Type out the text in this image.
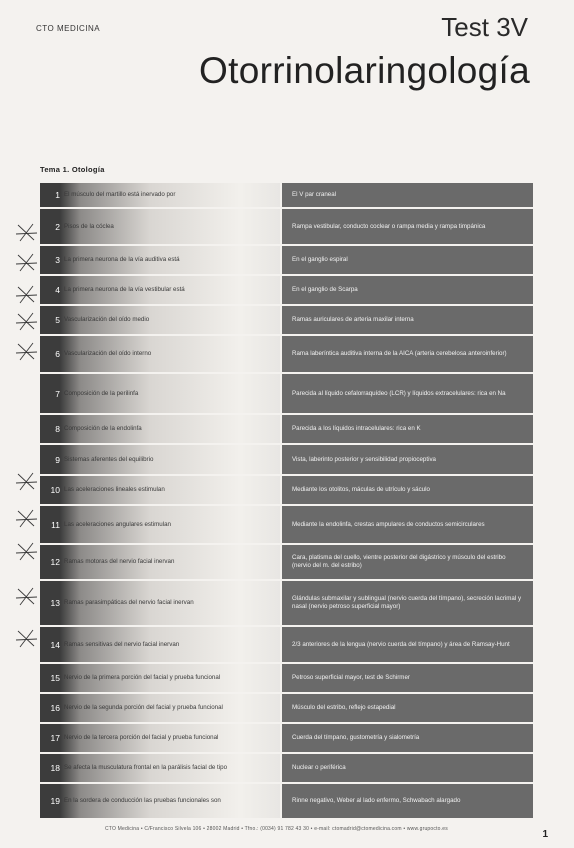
CTO MEDICINA	Test 3V
Otorrinolaringología
Tema 1. Otología
1 El músculo del martillo está inervado por	El V par craneal
2 Pisos de la cóclea	Rampa vestibular, conducto coclear o rampa media y rampa timpánica
3 La primera neurona de la vía auditiva está	En el ganglio espiral
4 La primera neurona de la vía vestibular está	En el ganglio de Scarpa
5 Vascularización del oído medio	Ramas auriculares de arteria maxilar interna
6 Vascularización del oído interno	Rama laberíntica auditiva interna de la AICA (arteria cerebelosa anteroinferior)
7 Composición de la perilinfa	Parecida al líquido cefalorraquídeo (LCR) y líquidos extracelulares: rica en Na
8 Composición de la endolinfa	Parecida a los líquidos intracelulares: rica en K
9 Sistemas aferentes del equilibrio	Vista, laberinto posterior y sensibilidad propioceptiva
10 Las aceleraciones lineales estimulan	Mediante los otolitos, máculas de utrículo y sáculo
11 Las aceleraciones angulares estimulan	Mediante la endolinfa, crestas ampulares de conductos semicirculares
12 Ramas motoras del nervio facial inervan
Cara, platisma del cuello, vientre posterior del digástrico y músculo del estribo (nervio del m. del estribo)
13 Ramas parasimpáticas del nervio facial inervan
Glándulas submaxilar y sublingual (nervio cuerda del tímpano), secreción lacrimal y nasal (nervio petroso superficial mayor)
14 Ramas sensitivas del nervio facial inervan	2/3 anteriores de la lengua (nervio cuerda del tímpano) y área de Ramsay-Hunt
15 Nervio de la primera porción del facial y prueba funcional	Petroso superficial mayor, test de Schirmer
16 Nervio de la segunda porción del facial y prueba funcional	Músculo del estribo, reflejo estapedial
17 Nervio de la tercera porción del facial y prueba funcional	Cuerda del tímpano, gustometría y sialometría
18 Se afecta la musculatura frontal en la parálisis facial de tipo	Nuclear o periférica
19 En la sordera de conducción las pruebas funcionales son	Rinne negativo, Weber al lado enfermo, Schwabach alargado
CTO Medicina • C/Francisco Silvela 106 • 28002 Madrid • Tfno.: (0034) 91 782 43 30 • e-mail: ctomadrid@ctomedicina.com • www.grupocto.es	1
